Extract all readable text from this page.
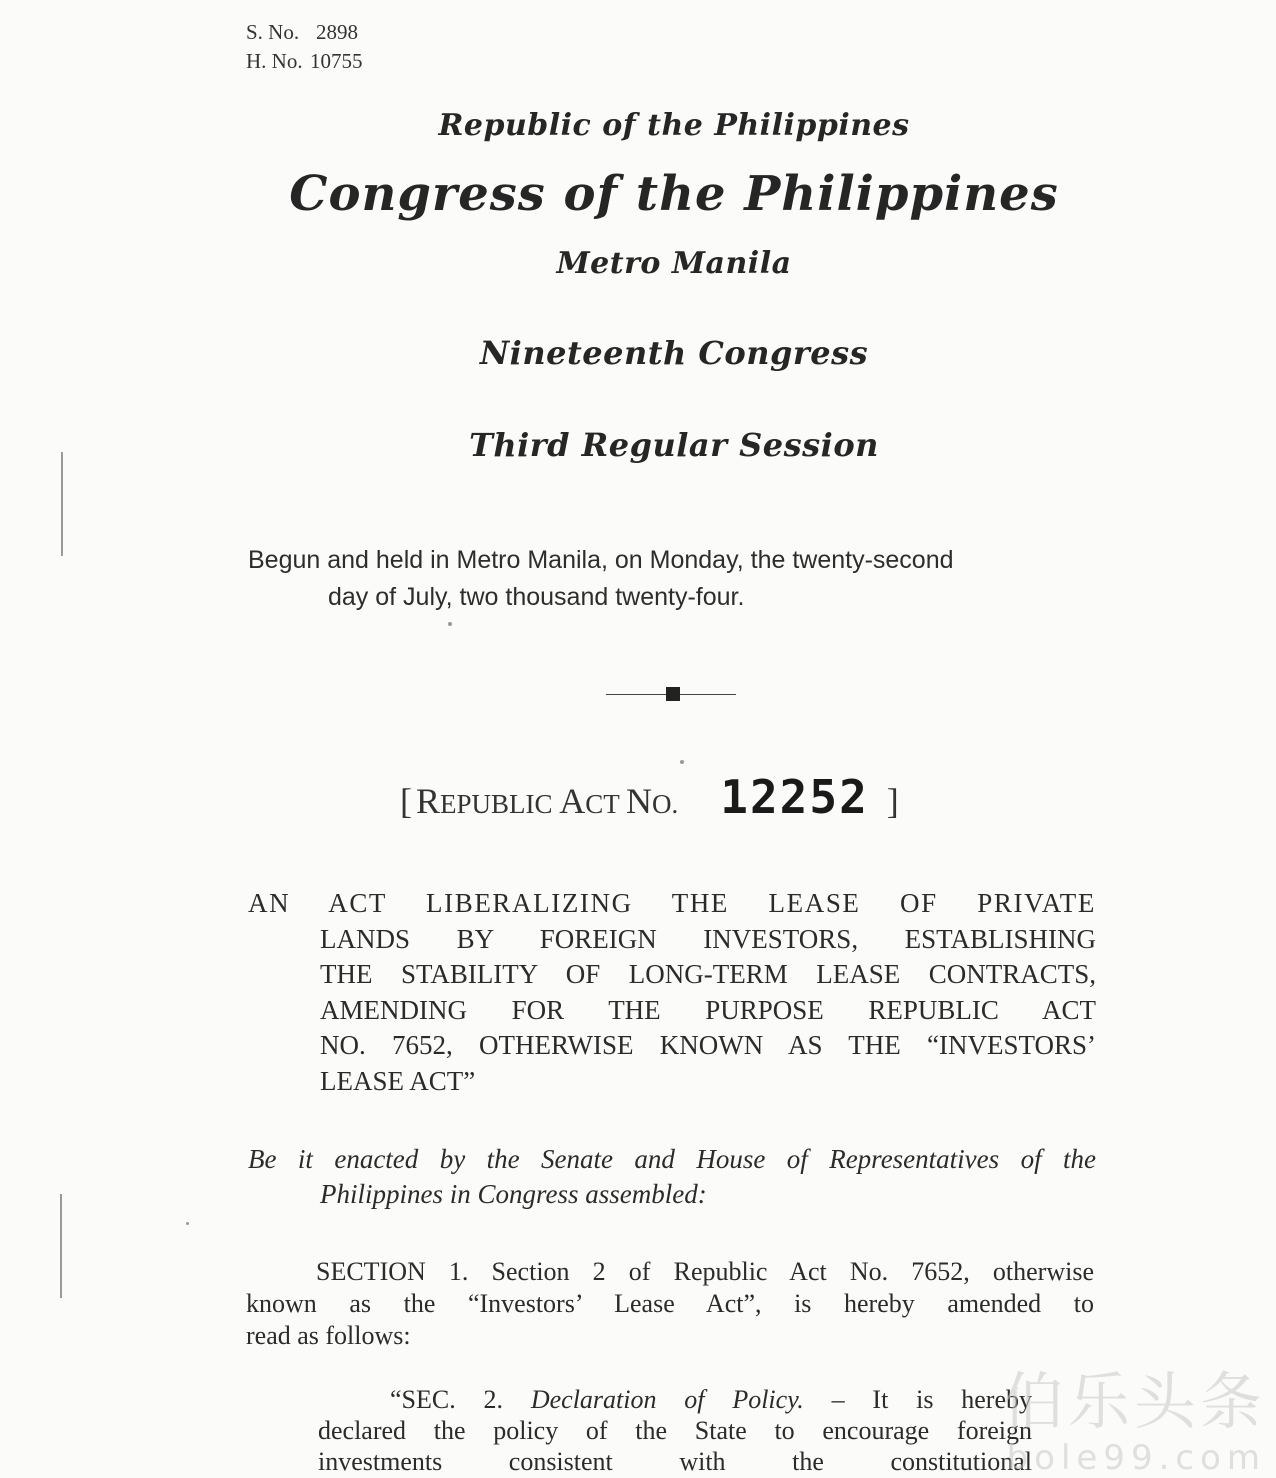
S. No. 2898
H. No. 10755
Republic of the Philippines
Congress of the Philippines
Metro Manila
Nineteenth Congress
Third Regular Session
Begun and held in Metro Manila, on Monday, the twenty-second
day of July, two thousand twenty-four.
[ REPUBLIC ACT NO. 12252 ]
AN ACT LIBERALIZING THE LEASE OF PRIVATE
LANDS BY FOREIGN INVESTORS, ESTABLISHING
THE STABILITY OF LONG-TERM LEASE CONTRACTS,
AMENDING FOR THE PURPOSE REPUBLIC ACT
NO. 7652, OTHERWISE KNOWN AS THE “INVESTORS’
LEASE ACT”
Be it enacted by the Senate and House of Representatives of the
Philippines in Congress assembled:
SECTION 1. Section 2 of Republic Act No. 7652, otherwise
known as the “Investors’ Lease Act”, is hereby amended to
read as follows:
“SEC. 2. Declaration of Policy. – It is hereby
declared the policy of the State to encourage foreign
investments consistent with the constitutional
伯乐头条
bole99.com
